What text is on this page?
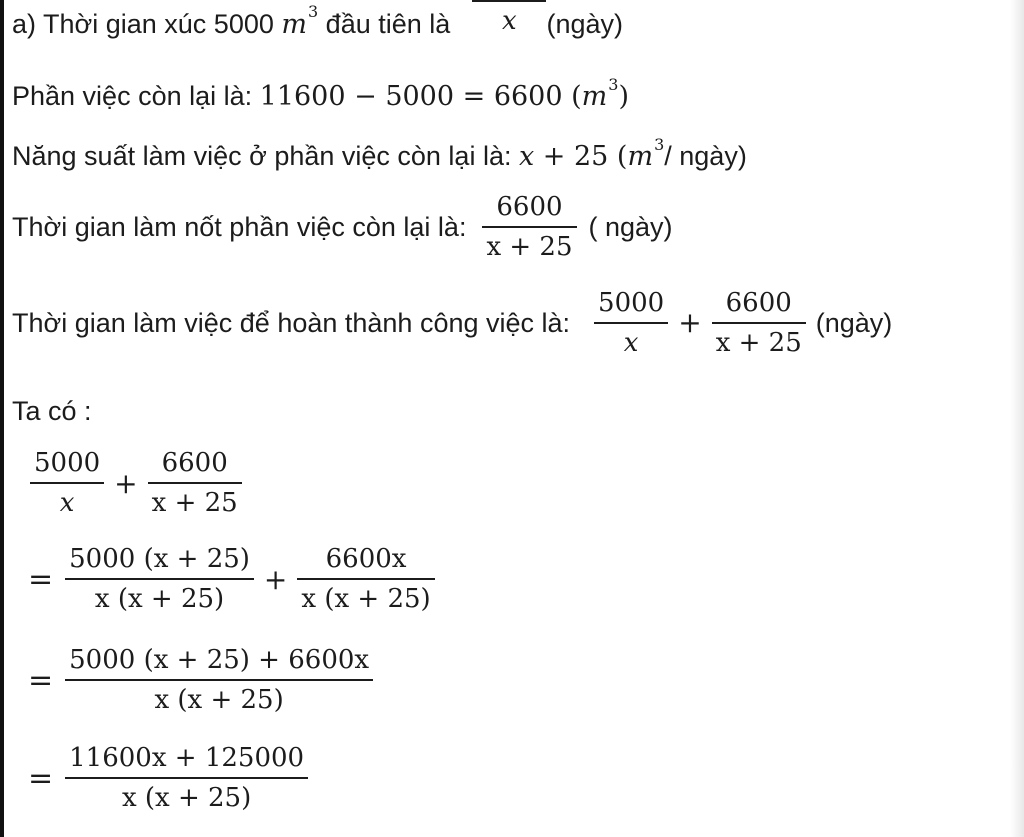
a) Thời gian xúc 5000 m 3 đầu tiên là x (ngày)
Phần việc còn lại là: 11600 − 5000 = 6600 ( m 3 )
Năng suất làm việc ở phần việc còn lại là: x + 25 ( m 3 / ngày)
Thời gian làm nốt phần việc còn lại là: $\frac{6600}{x + 25}$ ( ngày)
Thời gian làm việc để hoàn thành công việc là: $\frac{5000}{x} + \frac{6600}{x + 25}$ (ngày)
Ta có :
$\frac{5000}{x} + \frac{6600}{x + 25}$
= $\frac{5000 (x + 25)}{x (x + 25)} + \frac{6600x}{x (x + 25)}$
= $\frac{5000 (x + 25) + 6600x}{x (x + 25)}$
= $\frac{11600x + 125000}{x (x + 25)}$
